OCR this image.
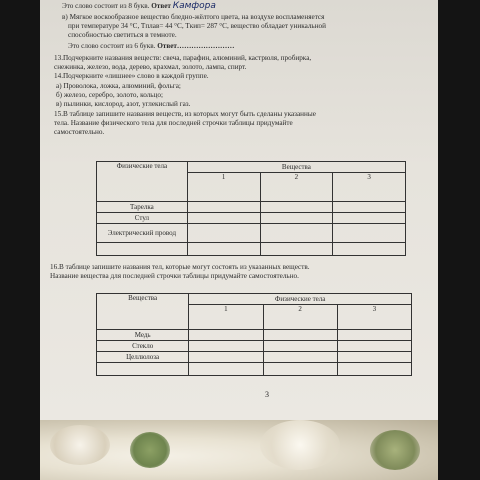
Это слово состоит из 8 букв. Ответ Камфора
в) Мягкое воскообразное вещество бледно-жёлтого цвета, на воздухе воспламеняется
при температуре 34 °C, Tплав= 44 °C, Tкип= 287 °C, вещество обладает уникальной
способностью светиться в темноте.
Это слово состоит из 6 букв. Ответ……………………
13.Подчеркните названия веществ: свеча, парафин, алюминий, кастрюля, пробирка,
снежинка, железо, вода, дерево, крахмал, золото, лампа, спирт.
14.Подчеркните «лишнее» слово в каждой группе.
а) Проволока, ложка, алюминий, фольга;
б) железо, серебро, золото, кольцо;
в) пылинки, кислород, азот, углекислый газ.
15.В таблице запишите названия веществ, из которых могут быть сделаны указанные
тела. Название физического тела для последней строчки таблицы придумайте
самостоятельно.
Физические тела	Вещества		
	1	2	3
Тарелка			
Стул			
Электрический провод			

16.В таблице запишите названия тел, которые могут состоять из указанных веществ.
Название вещества для последней строчки таблицы придумайте самостоятельно.
Вещества	Физические тела		
	1	2	3
Медь			
Стекло			
Целлюлоза			

3
